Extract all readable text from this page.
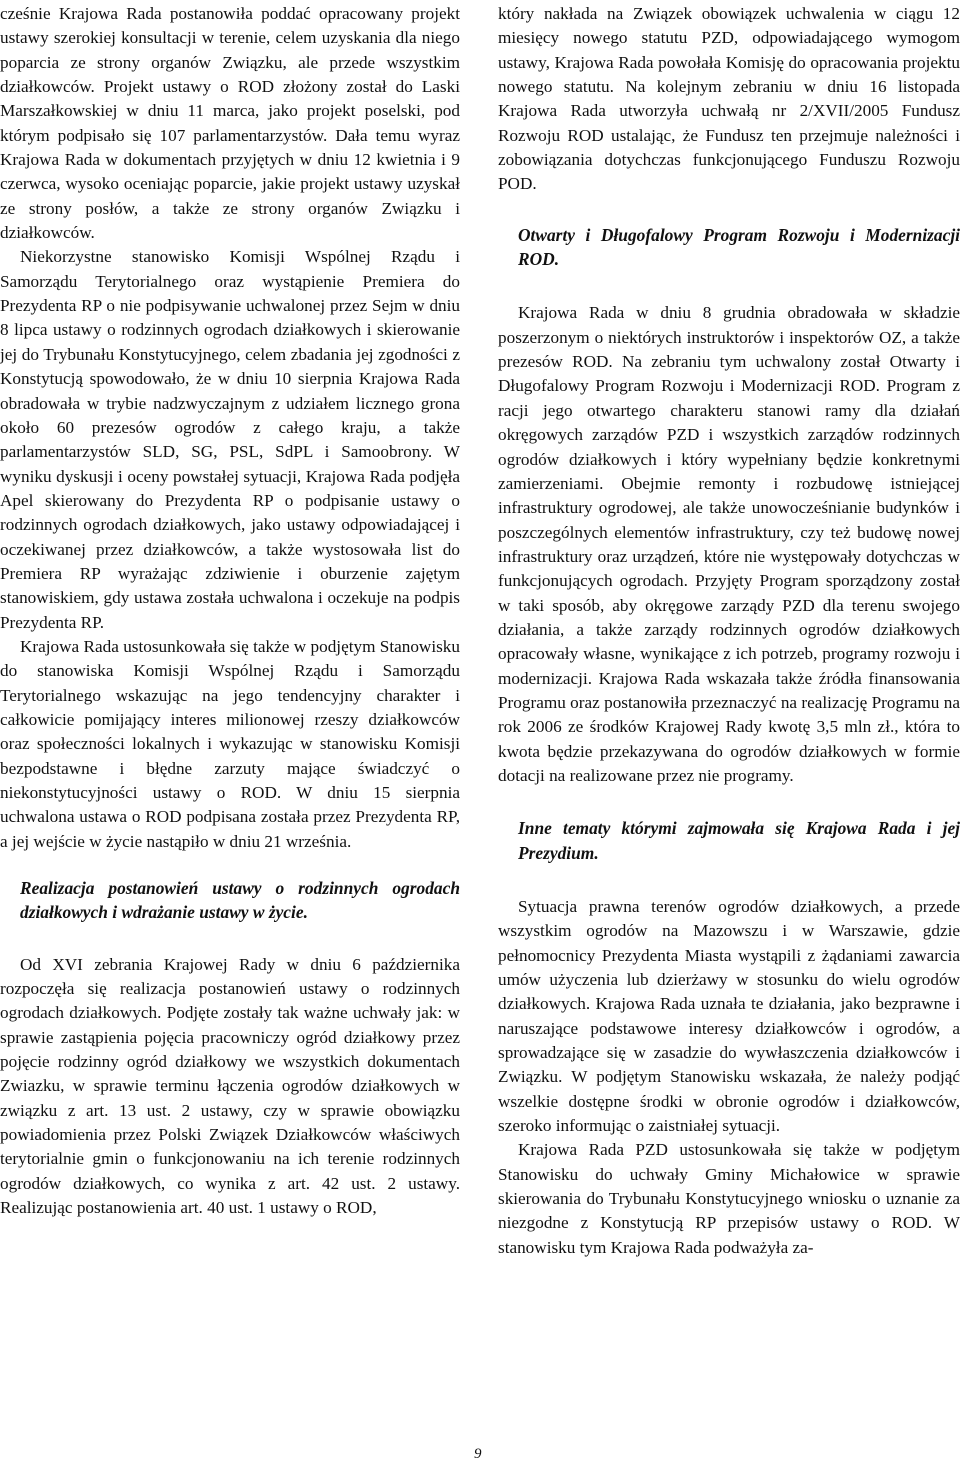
cześnie Krajowa Rada postanowiła poddać opracowany projekt ustawy szerokiej konsultacji w terenie, celem uzyskania dla niego poparcia ze strony organów Związku, ale przede wszystkim działkowców. Projekt ustawy o ROD złożony został do Laski Marszałkowskiej w dniu 11 marca, jako projekt poselski, pod którym podpisało się 107 parlamentarzystów. Dała temu wyraz Krajowa Rada w dokumentach przyjętych w dniu 12 kwietnia i 9 czerwca, wysoko oceniając poparcie, jakie projekt ustawy uzyskał ze strony posłów, a także ze strony organów Związku i działkowców.

Niekorzystne stanowisko Komisji Wspólnej Rządu i Samorządu Terytorialnego oraz wystąpienie Premiera do Prezydenta RP o nie podpisywanie uchwalonej przez Sejm w dniu 8 lipca ustawy o rodzinnych ogrodach działkowych i skierowanie jej do Trybunału Konstytucyjnego, celem zbadania jej zgodności z Konstytucją spowodowało, że w dniu 10 sierpnia Krajowa Rada obradowała w trybie nadzwyczajnym z udziałem licznego grona około 60 prezesów ogrodów z całego kraju, a także parlamentarzystów SLD, SG, PSL, SdPL i Samoobrony. W wyniku dyskusji i oceny powstałej sytuacji, Krajowa Rada podjęła Apel skierowany do Prezydenta RP o podpisanie ustawy o rodzinnych ogrodach działkowych, jako ustawy odpowiadającej i oczekiwanej przez działkowców, a także wystosowała list do Premiera RP wyrażając zdziwienie i oburzenie zajętym stanowiskiem, gdy ustawa została uchwalona i oczekuje na podpis Prezydenta RP.

Krajowa Rada ustosunkowała się także w podjętym Stanowisku do stanowiska Komisji Wspólnej Rządu i Samorządu Terytorialnego wskazując na jego tendencyjny charakter i całkowicie pomijający interes milionowej rzeszy działkowców oraz społeczności lokalnych i wykazując w stanowisku Komisji bezpodstawne i błędne zarzuty mające świadczyć o niekonstytucyjności ustawy o ROD. W dniu 15 sierpnia uchwalona ustawa o ROD podpisana została przez Prezydenta RP, a jej wejście w życie nastąpiło w dniu 21 września.

Realizacja postanowień ustawy o rodzinnych ogrodach działkowych i wdrażanie ustawy w życie.

Od XVI zebrania Krajowej Rady w dniu 6 października rozpoczęła się realizacja postanowień ustawy o rodzinnych ogrodach działkowych. Podjęte zostały tak ważne uchwały jak: w sprawie zastąpienia pojęcia pracowniczy ogród działkowy przez pojęcie rodzinny ogród działkowy we wszystkich dokumentach Zwiazku, w sprawie terminu łączenia ogrodów działkowych w związku z art. 13 ust. 2 ustawy, czy w sprawie obowiązku powiadomienia przez Polski Związek Działkowców właściwych terytorialnie gmin o funkcjonowaniu na ich terenie rodzinnych ogrodów działkowych, co wynika z art. 42 ust. 2 ustawy. Realizując postanowienia art. 40 ust. 1 ustawy o ROD,

który nakłada na Związek obowiązek uchwalenia w ciągu 12 miesięcy nowego statutu PZD, odpowiadającego wymogom ustawy, Krajowa Rada powołała Komisję do opracowania projektu nowego statutu. Na kolejnym zebraniu w dniu 16 listopada Krajowa Rada utworzyła uchwałą nr 2/XVII/2005 Fundusz Rozwoju ROD ustalając, że Fundusz ten przejmuje należności i zobowiązania dotychczas funkcjonującego Funduszu Rozwoju POD.

Otwarty i Długofalowy Program Rozwoju i Modernizacji ROD.

Krajowa Rada w dniu 8 grudnia obradowała w składzie poszerzonym o niektórych instruktorów i inspektorów OZ, a także prezesów ROD. Na zebraniu tym uchwalony został Otwarty i Długofalowy Program Rozwoju i Modernizacji ROD. Program z racji jego otwartego charakteru stanowi ramy dla działań okręgowych zarządów PZD i wszystkich zarządów rodzinnych ogrodów działkowych i który wypełniany będzie konkretnymi zamierzeniami. Obejmie remonty i rozbudowę istniejącej infrastruktury ogrodowej, ale także unowocześnianie budynków i poszczególnych elementów infrastruktury, czy też budowę nowej infrastruktury oraz urządzeń, które nie występowały dotychczas w funkcjonujących ogrodach. Przyjęty Program sporządzony został w taki sposób, aby okręgowe zarządy PZD dla terenu swojego działania, a także zarządy rodzinnych ogrodów działkowych opracowały własne, wynikające z ich potrzeb, programy rozwoju i modernizacji. Krajowa Rada wskazała także źródła finansowania Programu oraz postanowiła przeznaczyć na realizację Programu na rok 2006 ze środków Krajowej Rady kwotę 3,5 mln zł., która to kwota będzie przekazywana do ogrodów działkowych w formie dotacji na realizowane przez nie programy.

Inne tematy którymi zajmowała się Krajowa Rada i jej Prezydium.

Sytuacja prawna terenów ogrodów działkowych, a przede wszystkim ogrodów na Mazowszu i w Warszawie, gdzie pełnomocnicy Prezydenta Miasta wystąpili z żądaniami zawarcia umów użyczenia lub dzierżawy w stosunku do wielu ogrodów działkowych. Krajowa Rada uznała te działania, jako bezprawne i naruszające podstawowe interesy działkowców i ogrodów, a sprowadzające się w zasadzie do wywłaszczenia działkowców i Związku. W podjętym Stanowisku wskazała, że należy podjąć wszelkie dostępne środki w obronie ogrodów i działkowców, szeroko informując o zaistniałej sytuacji.

Krajowa Rada PZD ustosunkowała się także w podjętym Stanowisku do uchwały Gminy Michałowice w sprawie skierowania do Trybunału Konstytucyjnego wniosku o uznanie za niezgodne z Konstytucją RP przepisów ustawy o ROD. W stanowisku tym Krajowa Rada podważyła za-

9
